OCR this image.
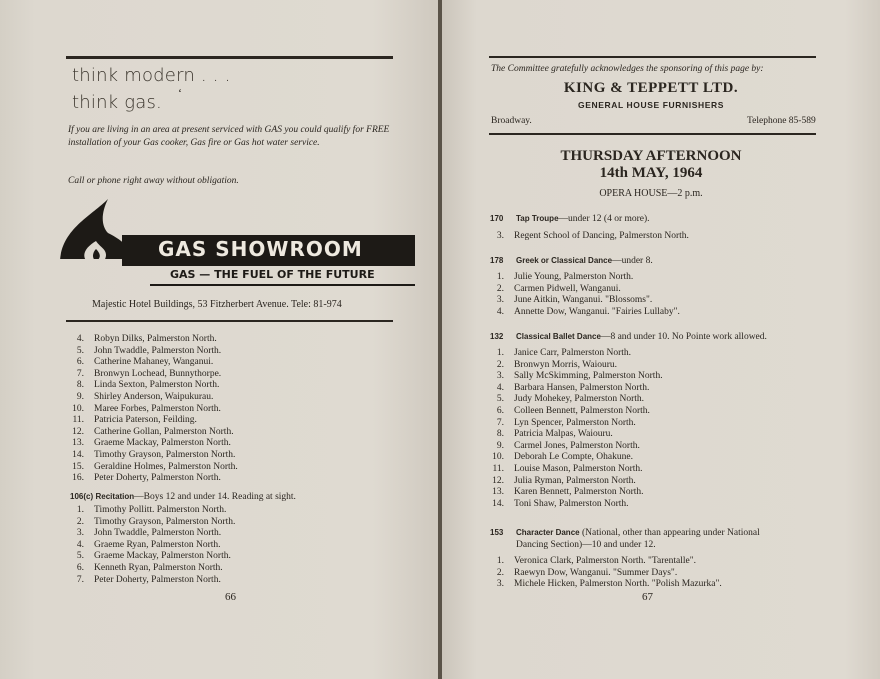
think modern . . .
think gas. ‘
If you are living in an area at present serviced with GAS you could qualify for FREE installation of your Gas cooker, Gas fire or Gas hot water service.
Call or phone right away without obligation.
GAS SHOWROOM
GAS — THE FUEL OF THE FUTURE
Majestic Hotel Buildings, 53 Fitzherbert Avenue. Tele: 81-974
4. Robyn Dilks, Palmerston North.
5. John Twaddle, Palmerston North.
6. Catherine Mahaney, Wanganui.
7. Bronwyn Lochead, Bunnythorpe.
8. Linda Sexton, Palmerston North.
9. Shirley Anderson, Waipukurau.
10. Maree Forbes, Palmerston North.
11. Patricia Paterson, Feilding.
12. Catherine Gollan, Palmerston North.
13. Graeme Mackay, Palmerston North.
14. Timothy Grayson, Palmerston North.
15. Geraldine Holmes, Palmerston North.
16. Peter Doherty, Palmerston North.
106(c) Recitation—Boys 12 and under 14. Reading at sight.
1. Timothy Pollitt. Palmerston North.
2. Timothy Grayson, Palmerston North.
3. John Twaddle, Palmerston North.
4. Graeme Ryan, Palmerston North.
5. Graeme Mackay, Palmerston North.
6. Kenneth Ryan, Palmerston North.
7. Peter Doherty, Palmerston North.
66
The Committee gratefully acknowledges the sponsoring of this page by:
KING & TEPPETT LTD.
GENERAL HOUSE FURNISHERS
Broadway.	Telephone 85-589
THURSDAY AFTERNOON
14th MAY, 1964
OPERA HOUSE—2 p.m.
170 Tap Troupe—under 12 (4 or more).
3. Regent School of Dancing, Palmerston North.
178 Greek or Classical Dance—under 8.
1. Julie Young, Palmerston North.
2. Carmen Pidwell, Wanganui.
3. June Aitkin, Wanganui. "Blossoms".
4. Annette Dow, Wanganui. "Fairies Lullaby".
132 Classical Ballet Dance—8 and under 10. No Pointe work allowed.
1. Janice Carr, Palmerston North.
2. Bronwyn Morris, Waiouru.
3. Sally McSkimming, Palmerston North.
4. Barbara Hansen, Palmerston North.
5. Judy Mohekey, Palmerston North.
6. Colleen Bennett, Palmerston North.
7. Lyn Spencer, Palmerston North.
8. Patricia Malpas, Waiouru.
9. Carmel Jones, Palmerston North.
10. Deborah Le Compte, Ohakune.
11. Louise Mason, Palmerston North.
12. Julia Ryman, Palmerston North.
13. Karen Bennett, Palmerston North.
14. Toni Shaw, Palmerston North.
153 Character Dance (National, other than appearing under National
Dancing Section)—10 and under 12.
1. Veronica Clark, Palmerston North. "Tarentalle".
2. Raewyn Dow, Wanganui. "Summer Days".
3. Michele Hicken, Palmerston North. "Polish Mazurka".
67
